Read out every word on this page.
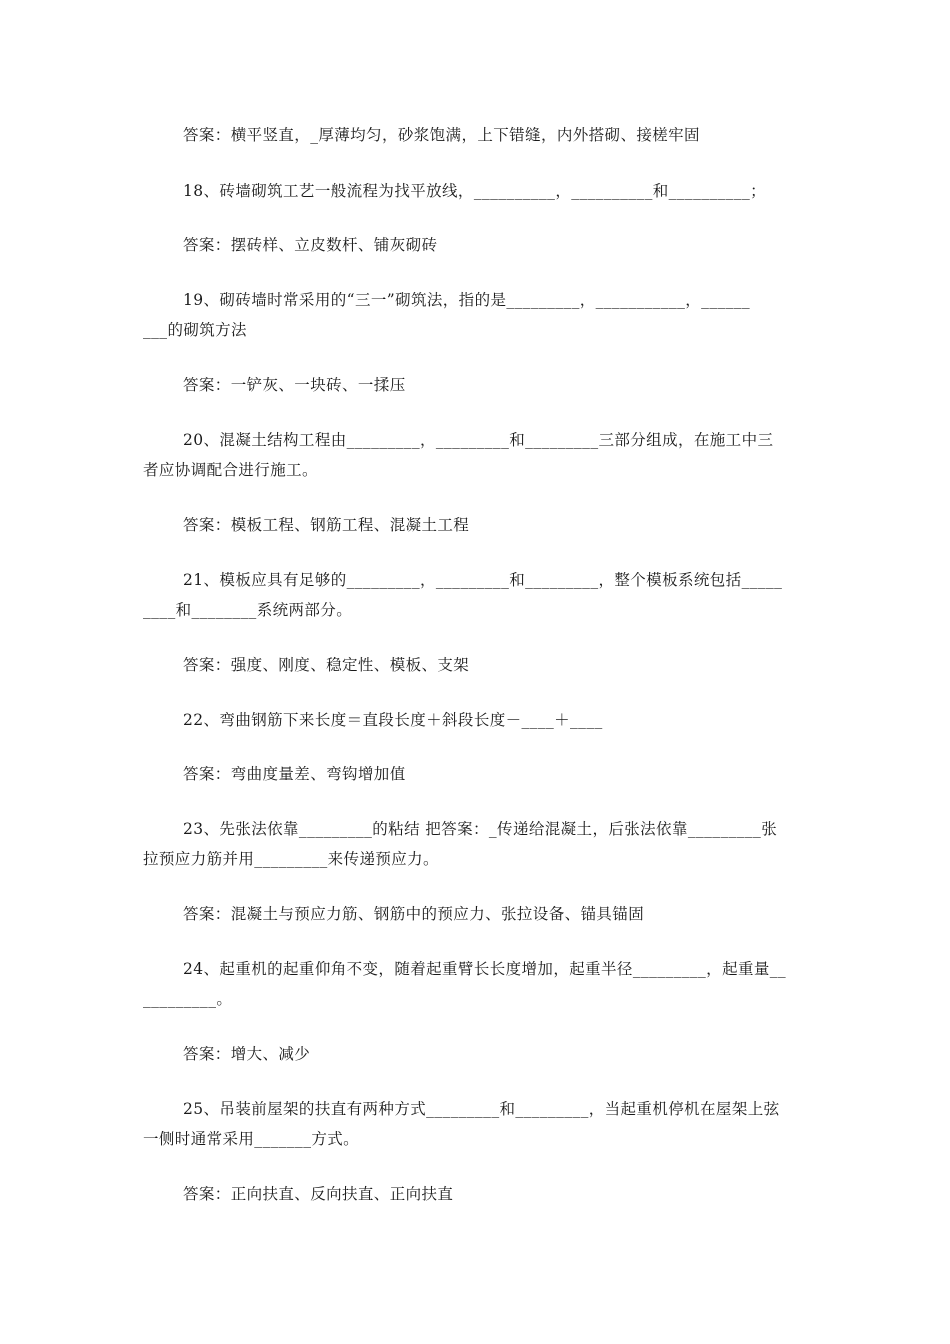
答案：横平竖直，_厚薄均匀，砂浆饱满，上下错缝，内外搭砌、接槎牢固
18、砖墙砌筑工艺一般流程为找平放线，__________，__________和__________；
答案：摆砖样、立皮数杆、铺灰砌砖
19、砌砖墙时常采用的“三一”砌筑法，指的是_________，___________，______
___的砌筑方法
答案：一铲灰、一块砖、一揉压
20、混凝土结构工程由_________，_________和_________三部分组成，在施工中三
者应协调配合进行施工。
答案：模板工程、钢筋工程、混凝土工程
21、模板应具有足够的_________，_________和_________，整个模板系统包括_____
____和________系统两部分。
答案：强度、刚度、稳定性、模板、支架
22、弯曲钢筋下来长度＝直段长度＋斜段长度－____＋____
答案：弯曲度量差、弯钩增加值
23、先张法依靠_________的粘结 把答案：_传递给混凝土，后张法依靠_________张
拉预应力筋并用_________来传递预应力。
答案：混凝土与预应力筋、钢筋中的预应力、张拉设备、锚具锚固
24、起重机的起重仰角不变，随着起重臂长长度增加，起重半径_________，起重量__
_________。
答案：增大、减少
25、吊装前屋架的扶直有两种方式_________和_________，当起重机停机在屋架上弦
一侧时通常采用_______方式。
答案：正向扶直、反向扶直、正向扶直
